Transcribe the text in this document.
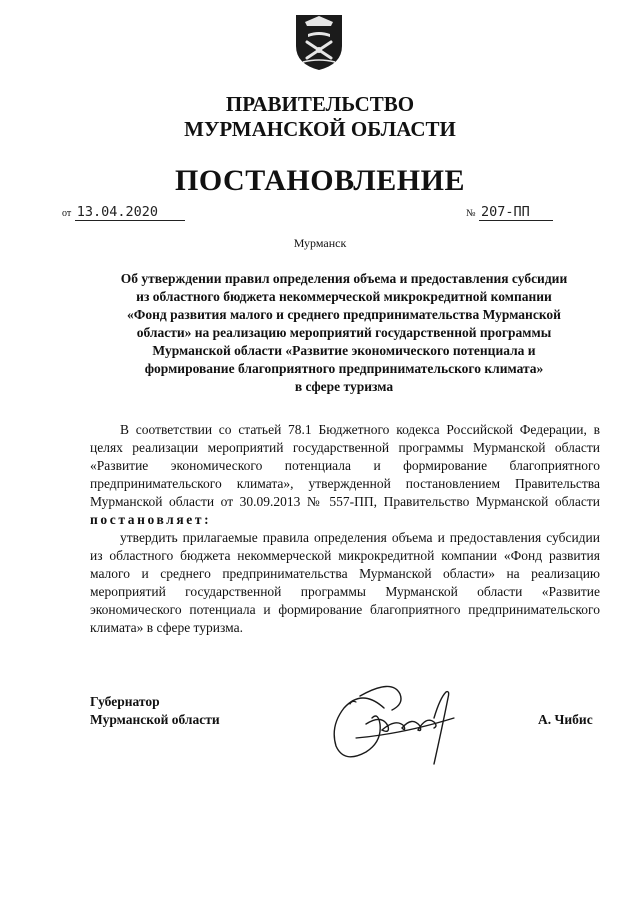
ПРАВИТЕЛЬСТВО
МУРМАНСКОЙ ОБЛАСТИ
ПОСТАНОВЛЕНИЕ
от 13.04.2020	№ 207-ПП
Мурманск
Об утверждении правил определения объема и предоставления субсидии
из областного бюджета некоммерческой микрокредитной компании
«Фонд развития малого и среднего предпринимательства Мурманской
области» на реализацию мероприятий государственной программы
Мурманской области «Развитие экономического потенциала и
формирование благоприятного предпринимательского климата»
в сфере туризма
В соответствии со статьей 78.1 Бюджетного кодекса Российской Федерации, в целях реализации мероприятий государственной программы Мурманской области «Развитие экономического потенциала и формирование благоприятного предпринимательского климата», утвержденной постановлением Правительства Мурманской области от 30.09.2013 № 557-ПП, Правительство Мурманской области постановляет:
утвердить прилагаемые правила определения объема и предоставления субсидии из областного бюджета некоммерческой микрокредитной компании «Фонд развития малого и среднего предпринимательства Мурманской области» на реализацию мероприятий государственной программы Мурманской области «Развитие экономического потенциала и формирование благоприятного предпринимательского климата» в сфере туризма.
Губернатор
Мурманской области	А. Чибис
